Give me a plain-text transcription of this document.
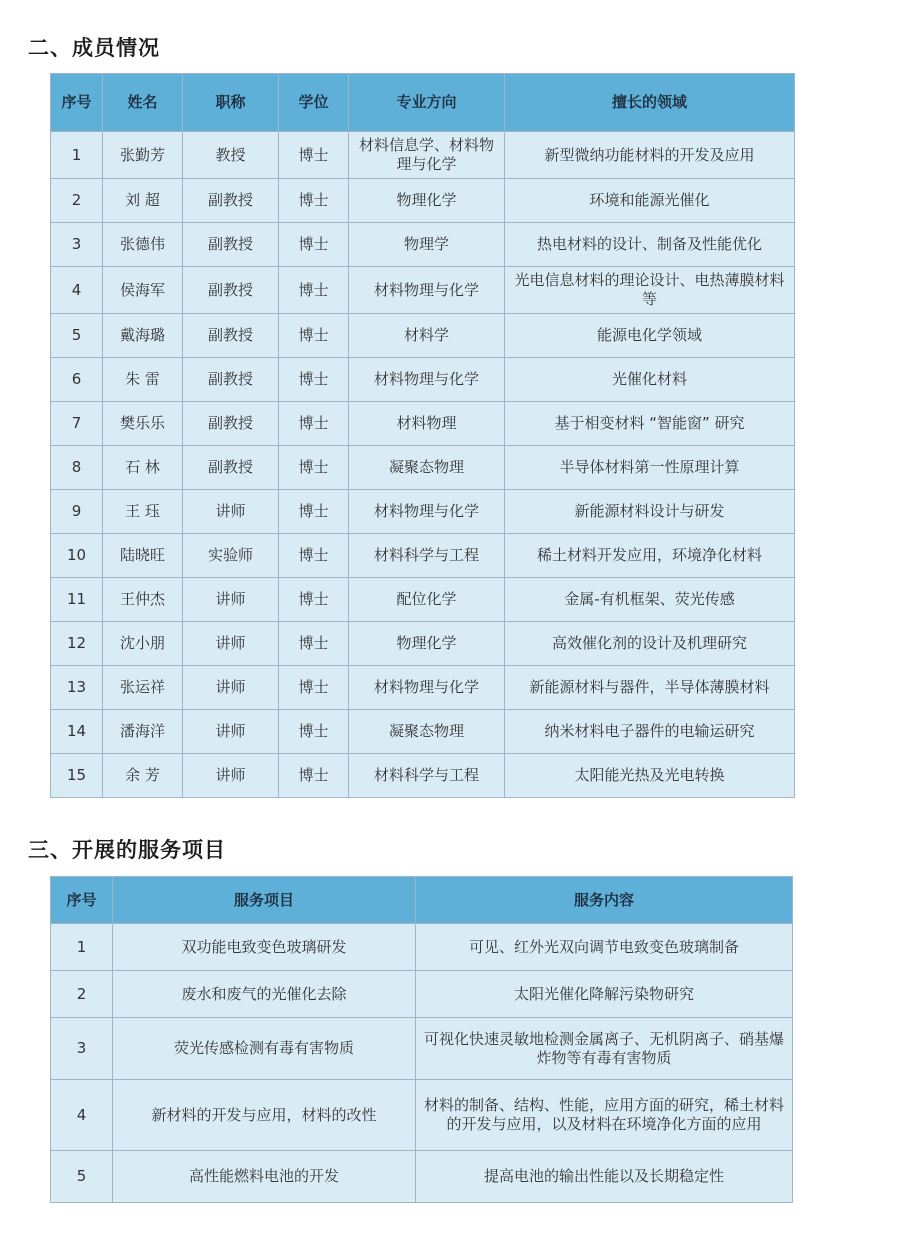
二、成员情况
序号	姓名	职称	学位	专业方向	擅长的领域
1	张勤芳	教授	博士	材料信息学、材料物理与化学	新型微纳功能材料的开发及应用
2	刘 超	副教授	博士	物理化学	环境和能源光催化
3	张德伟	副教授	博士	物理学	热电材料的设计、制备及性能优化
4	侯海军	副教授	博士	材料物理与化学	光电信息材料的理论设计、电热薄膜材料等
5	戴海璐	副教授	博士	材料学	能源电化学领域
6	朱 雷	副教授	博士	材料物理与化学	光催化材料
7	樊乐乐	副教授	博士	材料物理	基于相变材料 “智能窗” 研究
8	石 林	副教授	博士	凝聚态物理	半导体材料第一性原理计算
9	王 珏	讲师	博士	材料物理与化学	新能源材料设计与研发
10	陆晓旺	实验师	博士	材料科学与工程	稀土材料开发应用，环境净化材料
11	王仲杰	讲师	博士	配位化学	金属-有机框架、荧光传感
12	沈小朋	讲师	博士	物理化学	高效催化剂的设计及机理研究
13	张运祥	讲师	博士	材料物理与化学	新能源材料与器件，半导体薄膜材料
14	潘海洋	讲师	博士	凝聚态物理	纳米材料电子器件的电输运研究
15	余 芳	讲师	博士	材料科学与工程	太阳能光热及光电转换
三、开展的服务项目
序号	服务项目	服务内容
1	双功能电致变色玻璃研发	可见、红外光双向调节电致变色玻璃制备
2	废水和废气的光催化去除	太阳光催化降解污染物研究
3	荧光传感检测有毒有害物质	可视化快速灵敏地检测金属离子、无机阴离子、硝基爆炸物等有毒有害物质
4	新材料的开发与应用，材料的改性	材料的制备、结构、性能，应用方面的研究，稀土材料的开发与应用，以及材料在环境净化方面的应用
5	高性能燃料电池的开发	提高电池的输出性能以及长期稳定性
